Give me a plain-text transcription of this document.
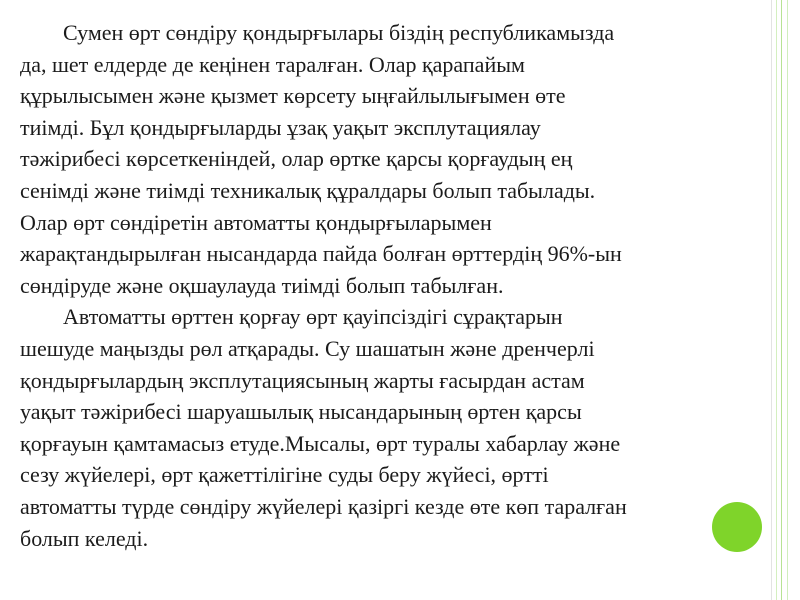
Сумен өрт сөндіру қондырғылары біздің республикамызда
да, шет елдерде де кеңінен таралған. Олар қарапайым
құрылысымен және қызмет көрсету ыңғайлылығымен өте
тиімді. Бұл қондырғыларды ұзақ уақыт эксплутациялау
тәжірибесі көрсеткеніндей, олар өртке қарсы қорғаудың ең
сенімді және тиімді техникалық құралдары болып табылады.
Олар өрт сөндіретін автоматты қондырғыларымен
жарақтандырылған нысандарда пайда болған өрттердің 96%-ын
сөндіруде және оқшаулауда тиімді болып табылған.
Автоматты өрттен қорғау өрт қауіпсіздігі сұрақтарын
шешуде маңызды рөл атқарады. Су шашатын және дренчерлі
қондырғылардың эксплутациясының жарты ғасырдан астам
уақыт тәжірибесі шаруашылық нысандарының өртен қарсы
қорғауын қамтамасыз етуде.Мысалы, өрт туралы хабарлау және
сезу жүйелері, өрт қажеттілігіне суды беру жүйесі, өртті
автоматты түрде сөндіру жүйелері қазіргі кезде өте көп таралған
болып келеді.
